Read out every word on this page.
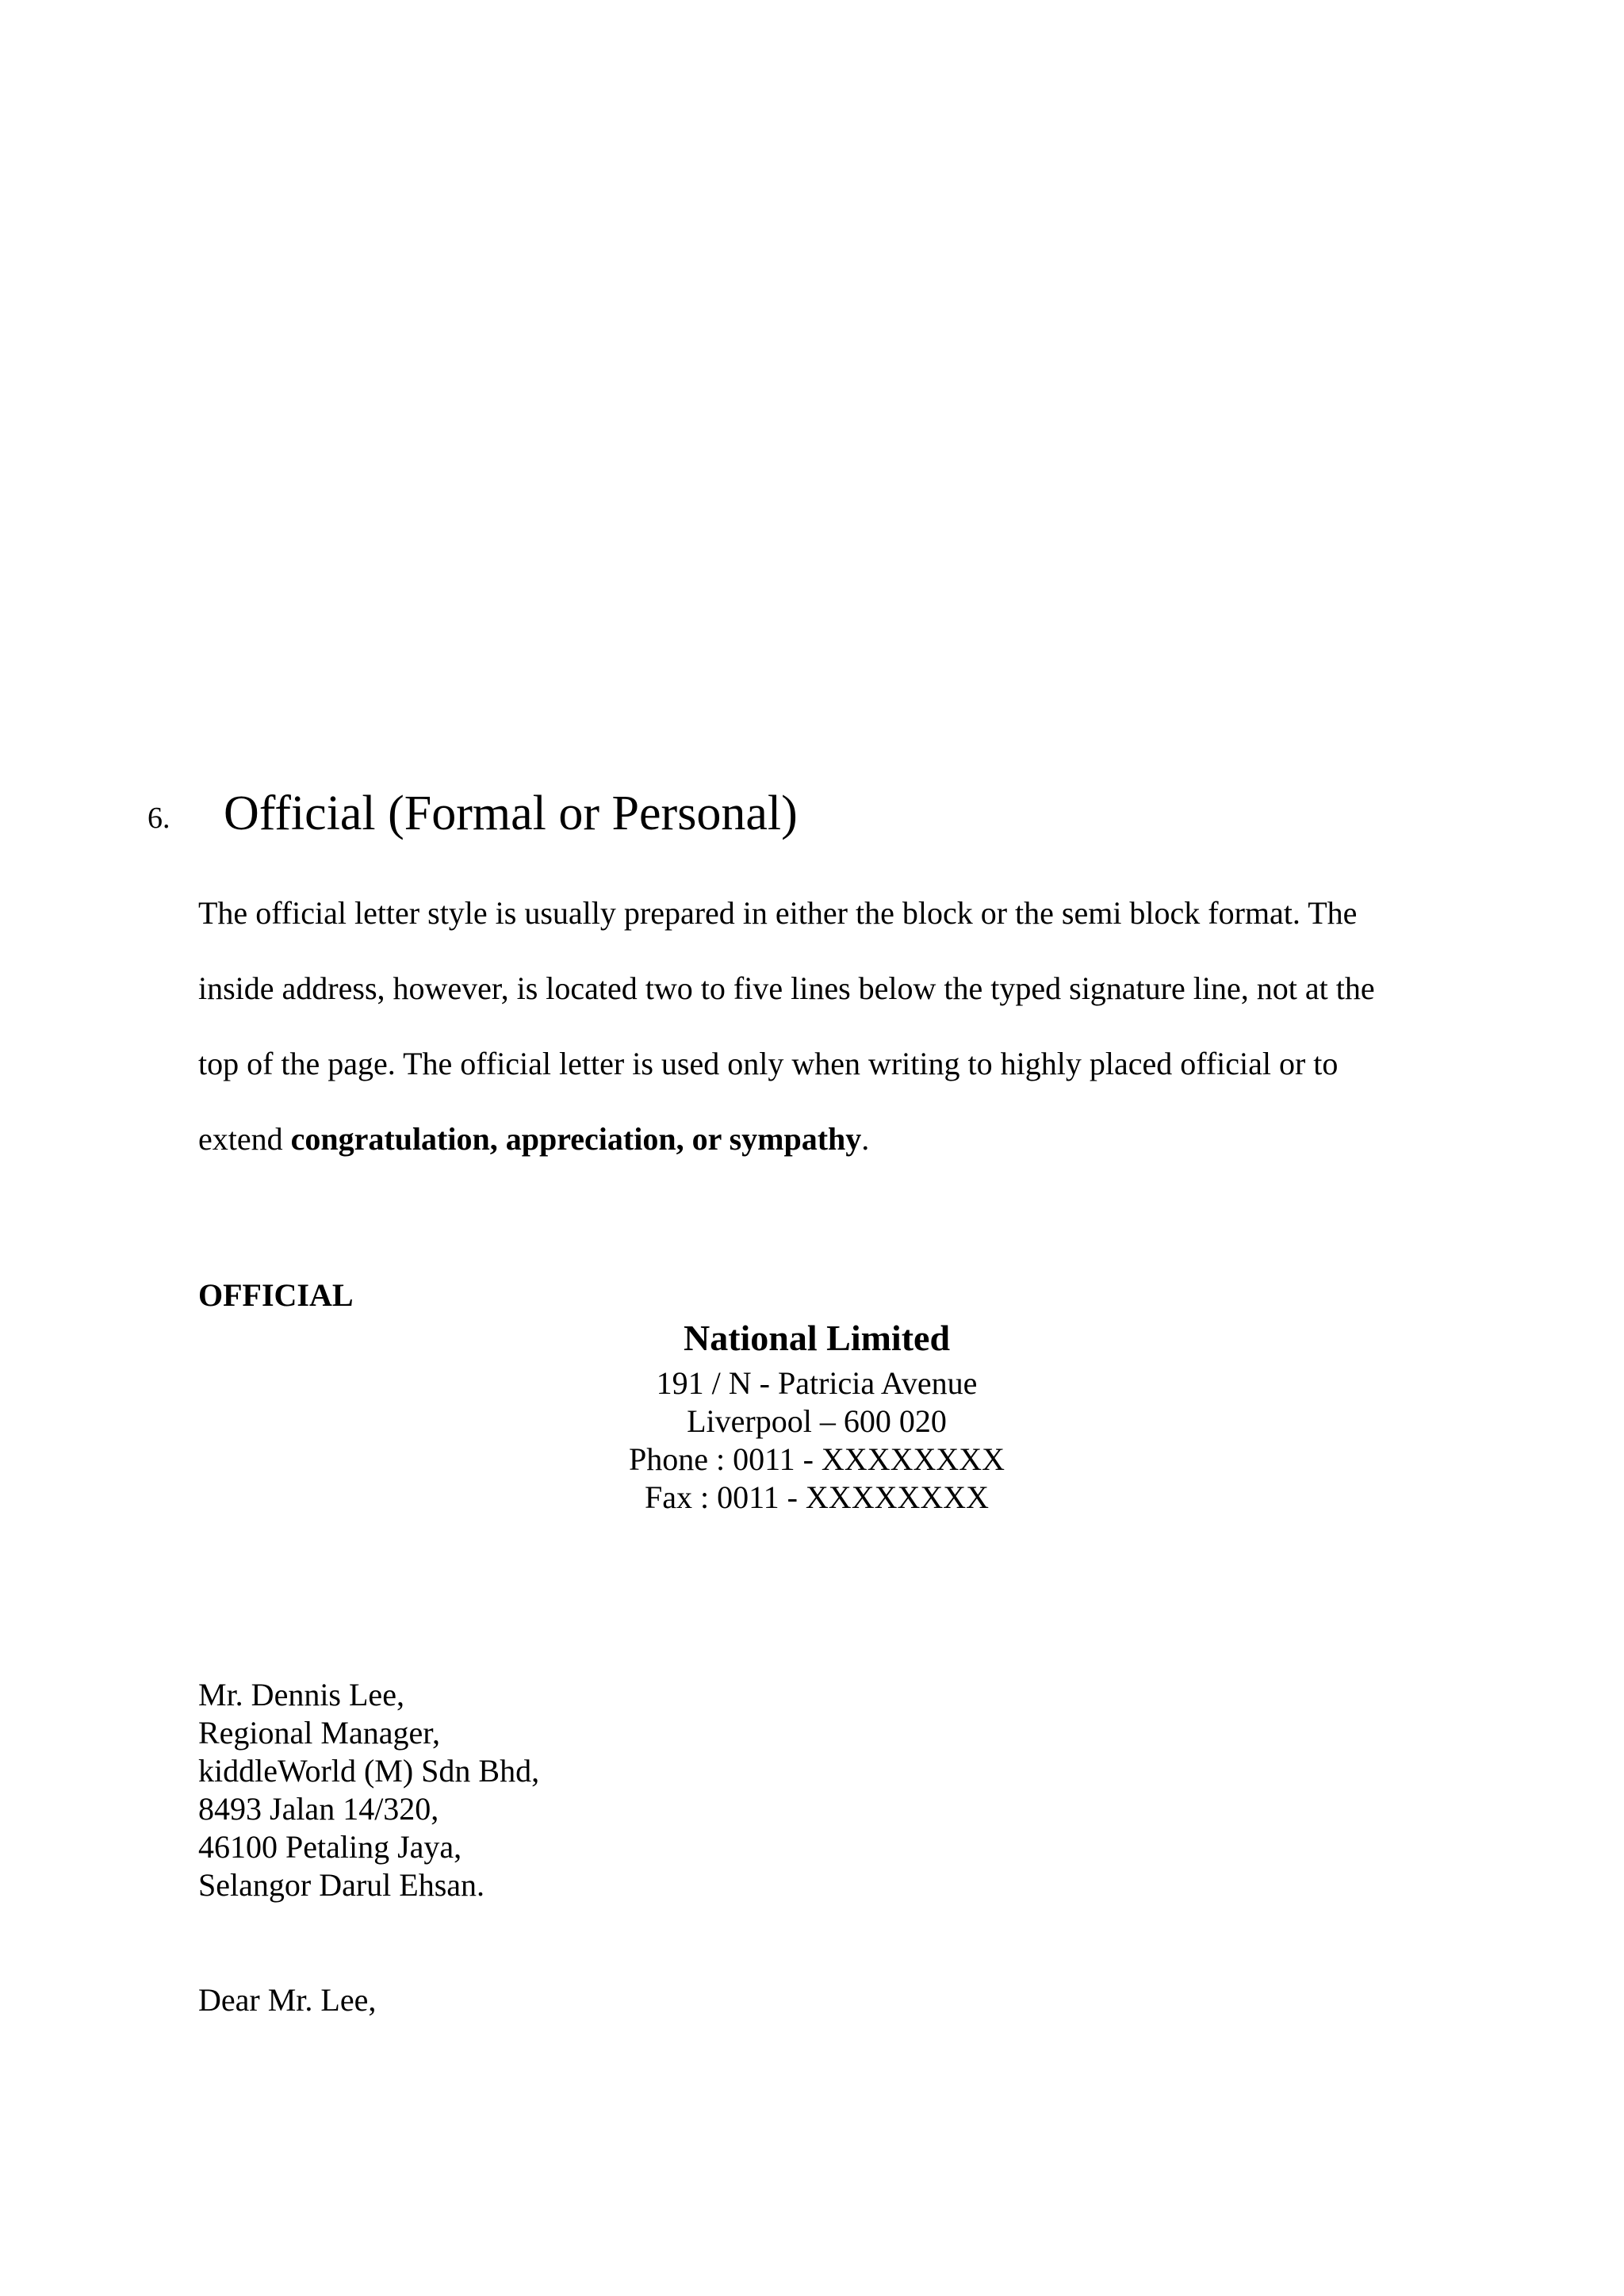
6. Official (Formal or Personal)
The official letter style is usually prepared in either the block or the semi block format. The
inside address, however, is located two to five lines below the typed signature line, not at the
top of the page. The official letter is used only when writing to highly placed official or to
extend congratulation, appreciation, or sympathy.
OFFICIAL
National Limited
191 / N - Patricia Avenue
Liverpool – 600 020
Phone : 0011 - XXXXXXXX
Fax : 0011 - XXXXXXXX
Mr. Dennis Lee,
Regional Manager,
kiddleWorld (M) Sdn Bhd,
8493 Jalan 14/320,
46100 Petaling Jaya,
Selangor Darul Ehsan.
Dear Mr. Lee,
